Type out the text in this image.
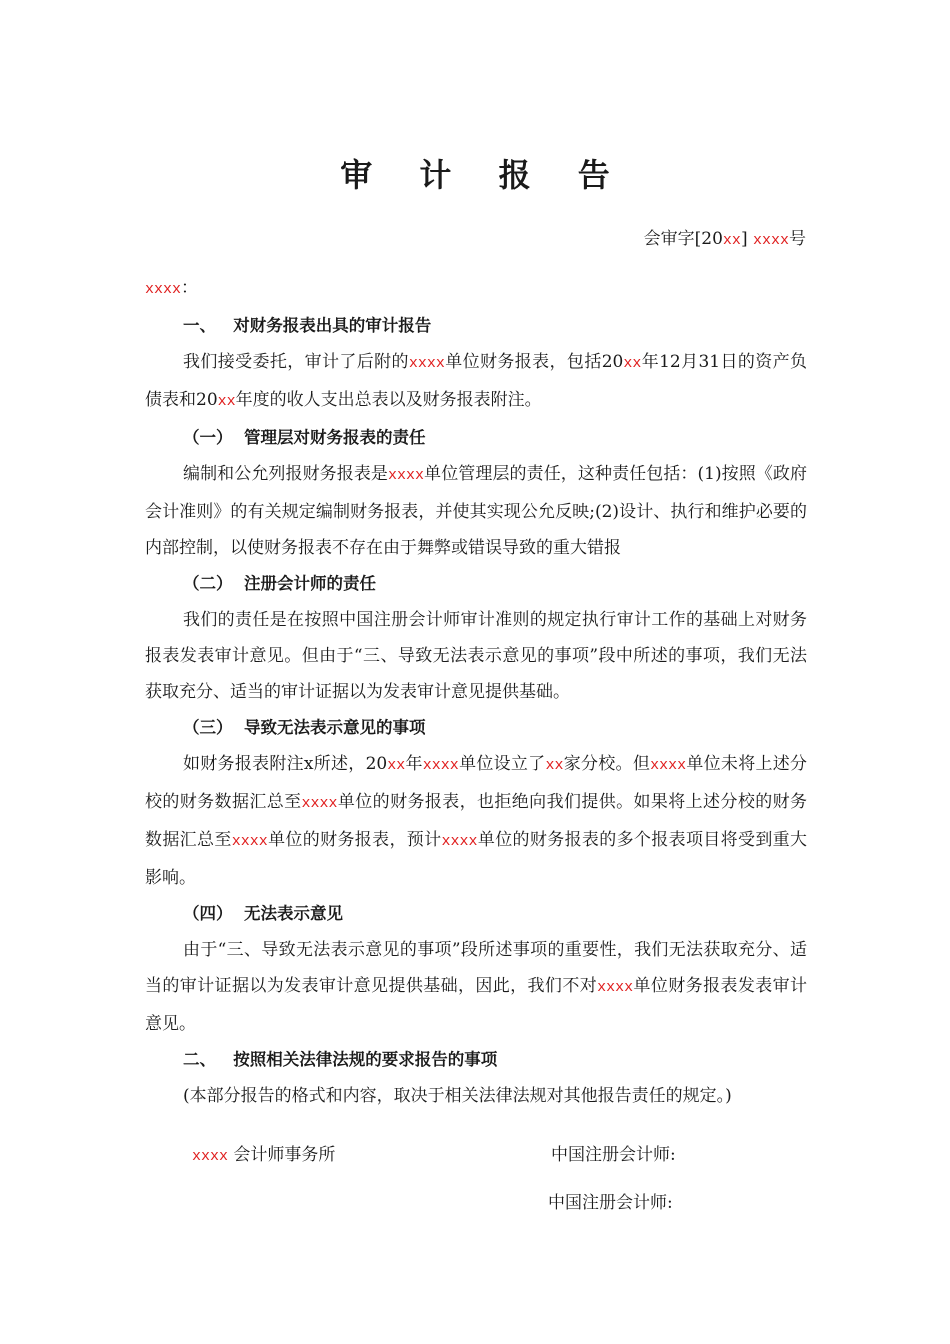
审 计 报 告
会审字[20xx] xxxx号

xxxx：

一、 对财务报表出具的审计报告

我们接受委托，审计了后附的xxxx单位财务报表，包括20xx年12月31日的资产负债表和20xx年度的收人支出总表以及财务报表附注。

（一） 管理层对财务报表的责任

编制和公允列报财务报表是xxxx单位管理层的责任，这种责任包括：(1)按照《政府会计准则》的有关规定编制财务报表，并使其实现公允反映;(2)设计、执行和维护必要的内部控制，以使财务报表不存在由于舞弊或错误导致的重大错报

（二） 注册会计师的责任

我们的责任是在按照中国注册会计师审计准则的规定执行审计工作的基础上对财务报表发表审计意见。但由于“三、导致无法表示意见的事项”段中所述的事项，我们无法获取充分、适当的审计证据以为发表审计意见提供基础。

（三） 导致无法表示意见的事项

如财务报表附注x所述，20xx年xxxx单位设立了xx家分校。但xxxx单位未将上述分校的财务数据汇总至xxxx单位的财务报表，也拒绝向我们提供。如果将上述分校的财务数据汇总至xxxx单位的财务报表，预计xxxx单位的财务报表的多个报表项目将受到重大影响。

（四） 无法表示意见

由于“三、导致无法表示意见的事项”段所述事项的重要性，我们无法获取充分、适当的审计证据以为发表审计意见提供基础，因此，我们不对xxxx单位财务报表发表审计意见。

二、 按照相关法律法规的要求报告的事项

(本部分报告的格式和内容，取决于相关法律法规对其他报告责任的规定。)

xxxx 会计师事务所	中国注册会计师:
中国注册会计师:
